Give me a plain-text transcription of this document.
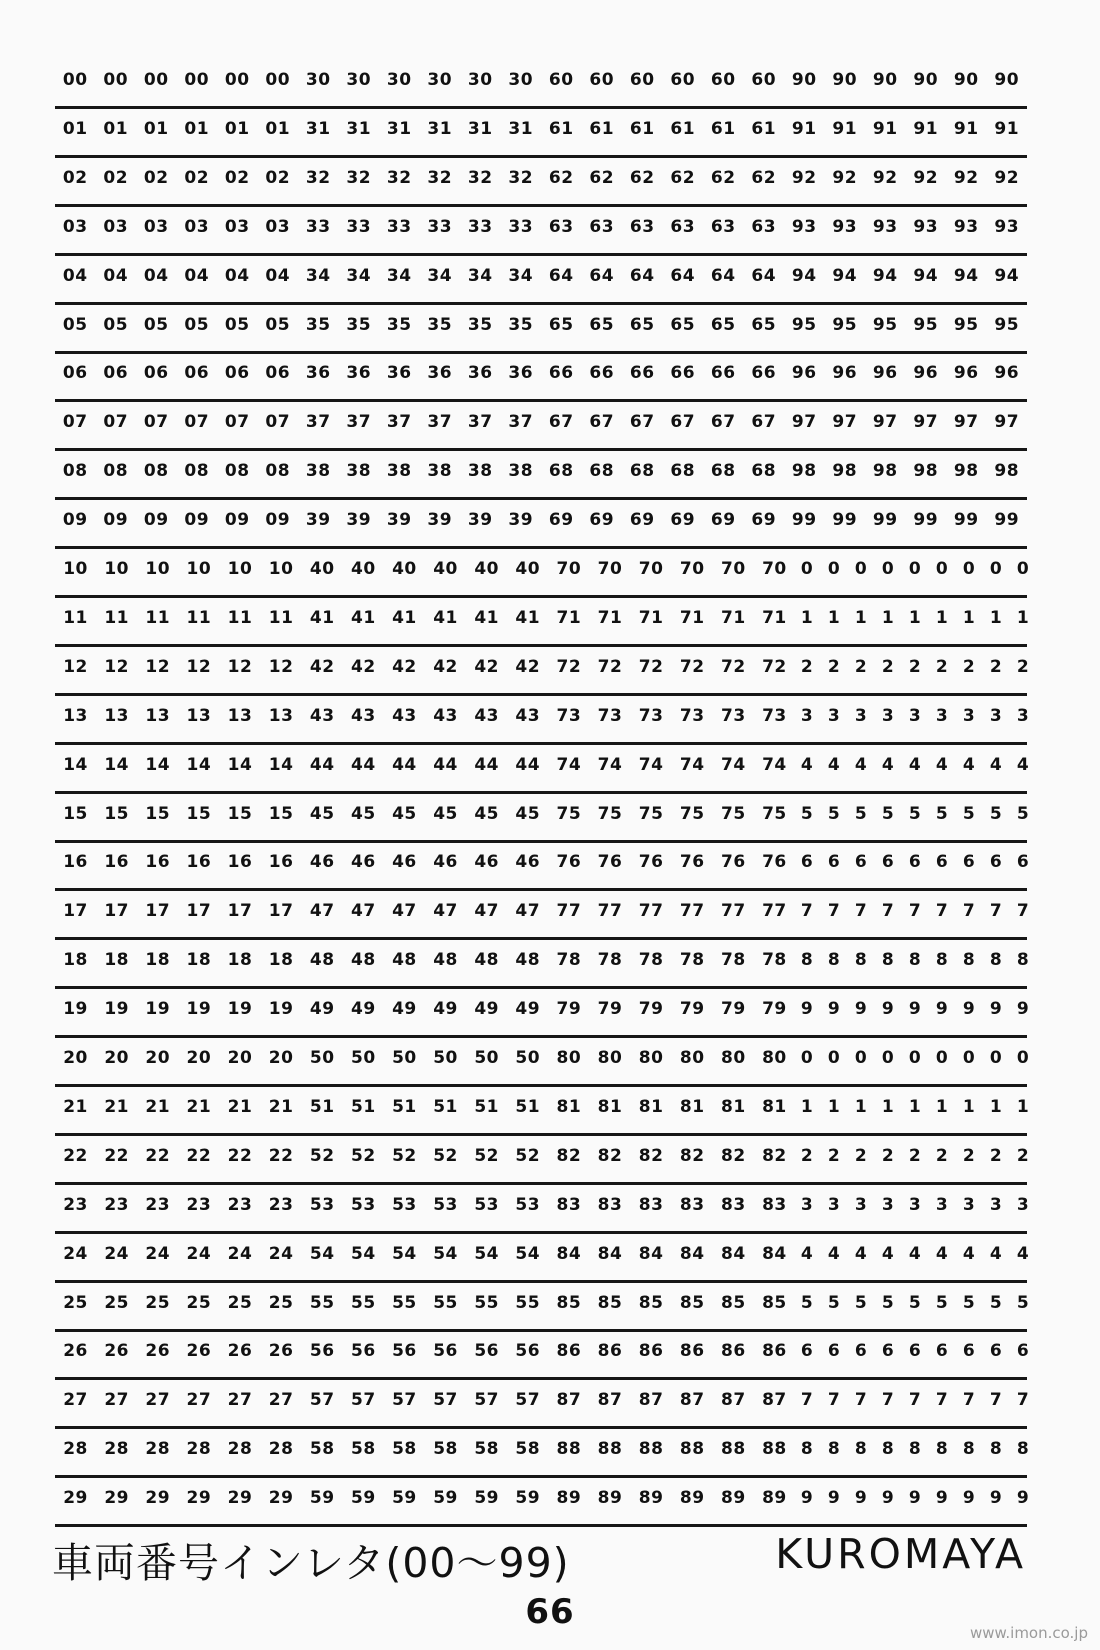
00 00 00 00 00 00 30 30 30 30 30 30 60 60 60 60 60 60 90 90 90 90 90 90
01 01 01 01 01 01 31 31 31 31 31 31 61 61 61 61 61 61 91 91 91 91 91 91
02 02 02 02 02 02 32 32 32 32 32 32 62 62 62 62 62 62 92 92 92 92 92 92
03 03 03 03 03 03 33 33 33 33 33 33 63 63 63 63 63 63 93 93 93 93 93 93
04 04 04 04 04 04 34 34 34 34 34 34 64 64 64 64 64 64 94 94 94 94 94 94
05 05 05 05 05 05 35 35 35 35 35 35 65 65 65 65 65 65 95 95 95 95 95 95
06 06 06 06 06 06 36 36 36 36 36 36 66 66 66 66 66 66 96 96 96 96 96 96
07 07 07 07 07 07 37 37 37 37 37 37 67 67 67 67 67 67 97 97 97 97 97 97
08 08 08 08 08 08 38 38 38 38 38 38 68 68 68 68 68 68 98 98 98 98 98 98
09 09 09 09 09 09 39 39 39 39 39 39 69 69 69 69 69 69 99 99 99 99 99 99
10 10 10 10 10 10 40 40 40 40 40 40 70 70 70 70 70 70 0 0 0 0 0 0 0 0 0
11 11 11 11 11 11 41 41 41 41 41 41 71 71 71 71 71 71 1 1 1 1 1 1 1 1 1
12 12 12 12 12 12 42 42 42 42 42 42 72 72 72 72 72 72 2 2 2 2 2 2 2 2 2
13 13 13 13 13 13 43 43 43 43 43 43 73 73 73 73 73 73 3 3 3 3 3 3 3 3 3
14 14 14 14 14 14 44 44 44 44 44 44 74 74 74 74 74 74 4 4 4 4 4 4 4 4 4
15 15 15 15 15 15 45 45 45 45 45 45 75 75 75 75 75 75 5 5 5 5 5 5 5 5 5
16 16 16 16 16 16 46 46 46 46 46 46 76 76 76 76 76 76 6 6 6 6 6 6 6 6 6
17 17 17 17 17 17 47 47 47 47 47 47 77 77 77 77 77 77 7 7 7 7 7 7 7 7 7
18 18 18 18 18 18 48 48 48 48 48 48 78 78 78 78 78 78 8 8 8 8 8 8 8 8 8
19 19 19 19 19 19 49 49 49 49 49 49 79 79 79 79 79 79 9 9 9 9 9 9 9 9 9
20 20 20 20 20 20 50 50 50 50 50 50 80 80 80 80 80 80 0 0 0 0 0 0 0 0 0
21 21 21 21 21 21 51 51 51 51 51 51 81 81 81 81 81 81 1 1 1 1 1 1 1 1 1
22 22 22 22 22 22 52 52 52 52 52 52 82 82 82 82 82 82 2 2 2 2 2 2 2 2 2
23 23 23 23 23 23 53 53 53 53 53 53 83 83 83 83 83 83 3 3 3 3 3 3 3 3 3
24 24 24 24 24 24 54 54 54 54 54 54 84 84 84 84 84 84 4 4 4 4 4 4 4 4 4
25 25 25 25 25 25 55 55 55 55 55 55 85 85 85 85 85 85 5 5 5 5 5 5 5 5 5
26 26 26 26 26 26 56 56 56 56 56 56 86 86 86 86 86 86 6 6 6 6 6 6 6 6 6
27 27 27 27 27 27 57 57 57 57 57 57 87 87 87 87 87 87 7 7 7 7 7 7 7 7 7
28 28 28 28 28 28 58 58 58 58 58 58 88 88 88 88 88 88 8 8 8 8 8 8 8 8 8
29 29 29 29 29 29 59 59 59 59 59 59 89 89 89 89 89 89 9 9 9 9 9 9 9 9 9
車両番号インレタ(00～99)	KUROMAYA
66
www.imon.co.jp
